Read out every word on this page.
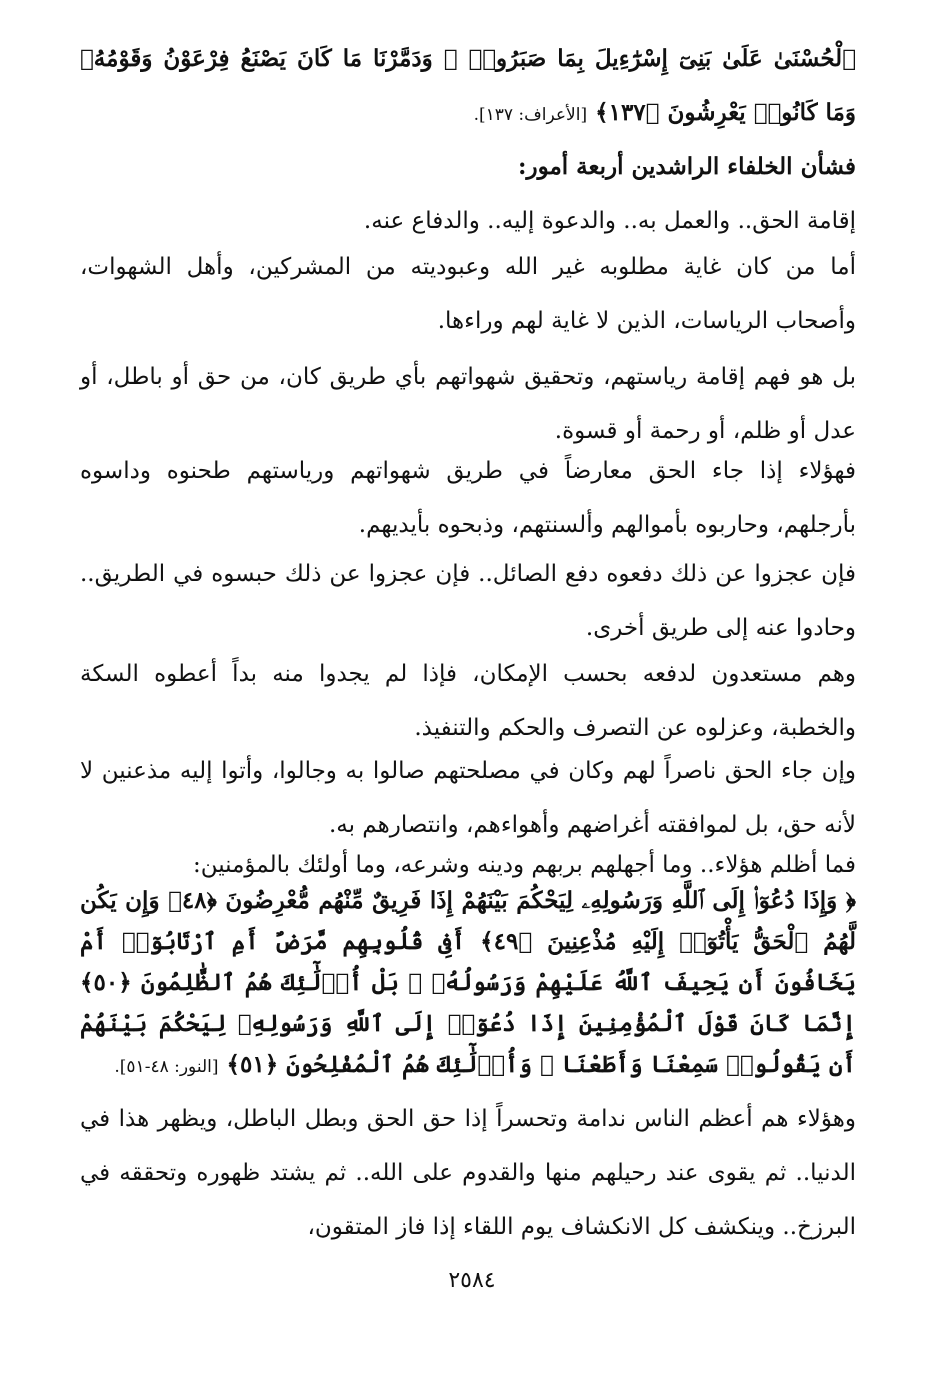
ٱلْحُسْنَىٰ عَلَىٰ بَنِىٓ إِسْرَٰٓءِيلَ بِمَا صَبَرُوا۟ ۖ وَدَمَّرْنَا مَا كَانَ يَصْنَعُ فِرْعَوْنُ وَقَوْمُهُۥ وَمَا كَانُوا۟ يَعْرِشُونَ ﴿١٣٧﴾ [الأعراف: ١٣٧].

فشأن الخلفاء الراشدين أربعة أمور:

إقامة الحق.. والعمل به.. والدعوة إليه.. والدفاع عنه.

أما من كان غاية مطلوبه غير الله وعبوديته من المشركين، وأهل الشهوات، وأصحاب الرياسات، الذين لا غاية لهم وراءها.

بل هو فهم إقامة رياستهم، وتحقيق شهواتهم بأي طريق كان، من حق أو باطل، أو عدل أو ظلم، أو رحمة أو قسوة.

فهؤلاء إذا جاء الحق معارضاً في طريق شهواتهم ورياستهم طحنوه وداسوه بأرجلهم، وحاربوه بأموالهم وألسنتهم، وذبحوه بأيديهم.

فإن عجزوا عن ذلك دفعوه دفع الصائل.. فإن عجزوا عن ذلك حبسوه في الطريق.. وحادوا عنه إلى طريق أخرى.

وهم مستعدون لدفعه بحسب الإمكان، فإذا لم يجدوا منه بداً أعطوه السكة والخطبة، وعزلوه عن التصرف والحكم والتنفيذ.

وإن جاء الحق ناصراً لهم وكان في مصلحتهم صالوا به وجالوا، وأتوا إليه مذعنين لا لأنه حق، بل لموافقته أغراضهم وأهواءهم، وانتصارهم به.

فما أظلم هؤلاء.. وما أجهلهم بربهم ودينه وشرعه، وما أولئك بالمؤمنين:

﴿ وَإِذَا دُعُوٓا۟ إِلَى ٱللَّهِ وَرَسُولِهِۦ لِيَحْكُمَ بَيْنَهُمْ إِذَا فَرِيقٌ مِّنْهُم مُّعْرِضُونَ ﴿٤٨﴾ وَإِن يَكُن لَّهُمُ ٱلْحَقُّ يَأْتُوٓا۟ إِلَيْهِ مُذْعِنِينَ ﴿٤٩﴾ أَفِى قُلُوبِهِم مَّرَضٌ أَمِ ٱرْتَابُوٓا۟ أَمْ يَخَافُونَ أَن يَحِيفَ ٱللَّهُ عَلَيْهِمْ وَرَسُولُهُۥ ۚ بَلْ أُو۟لَٰٓئِكَ هُمُ ٱلظَّٰلِمُونَ ﴿٥٠﴾ إِنَّمَا كَانَ قَوْلَ ٱلْمُؤْمِنِينَ إِذَا دُعُوٓا۟ إِلَى ٱللَّهِ وَرَسُولِهِۦ لِيَحْكُمَ بَيْنَهُمْ أَن يَقُولُوا۟ سَمِعْنَا وَأَطَعْنَا ۚ وَأُو۟لَٰٓئِكَ هُمُ ٱلْمُفْلِحُونَ ﴿٥١﴾ [النور: ٤٨-٥١].

وهؤلاء هم أعظم الناس ندامة وتحسراً إذا حق الحق وبطل الباطل، ويظهر هذا في الدنيا.. ثم يقوى عند رحيلهم منها والقدوم على الله.. ثم يشتد ظهوره وتحققه في البرزخ.. وينكشف كل الانكشاف يوم اللقاء إذا فاز المتقون،

٢٥٨٤
